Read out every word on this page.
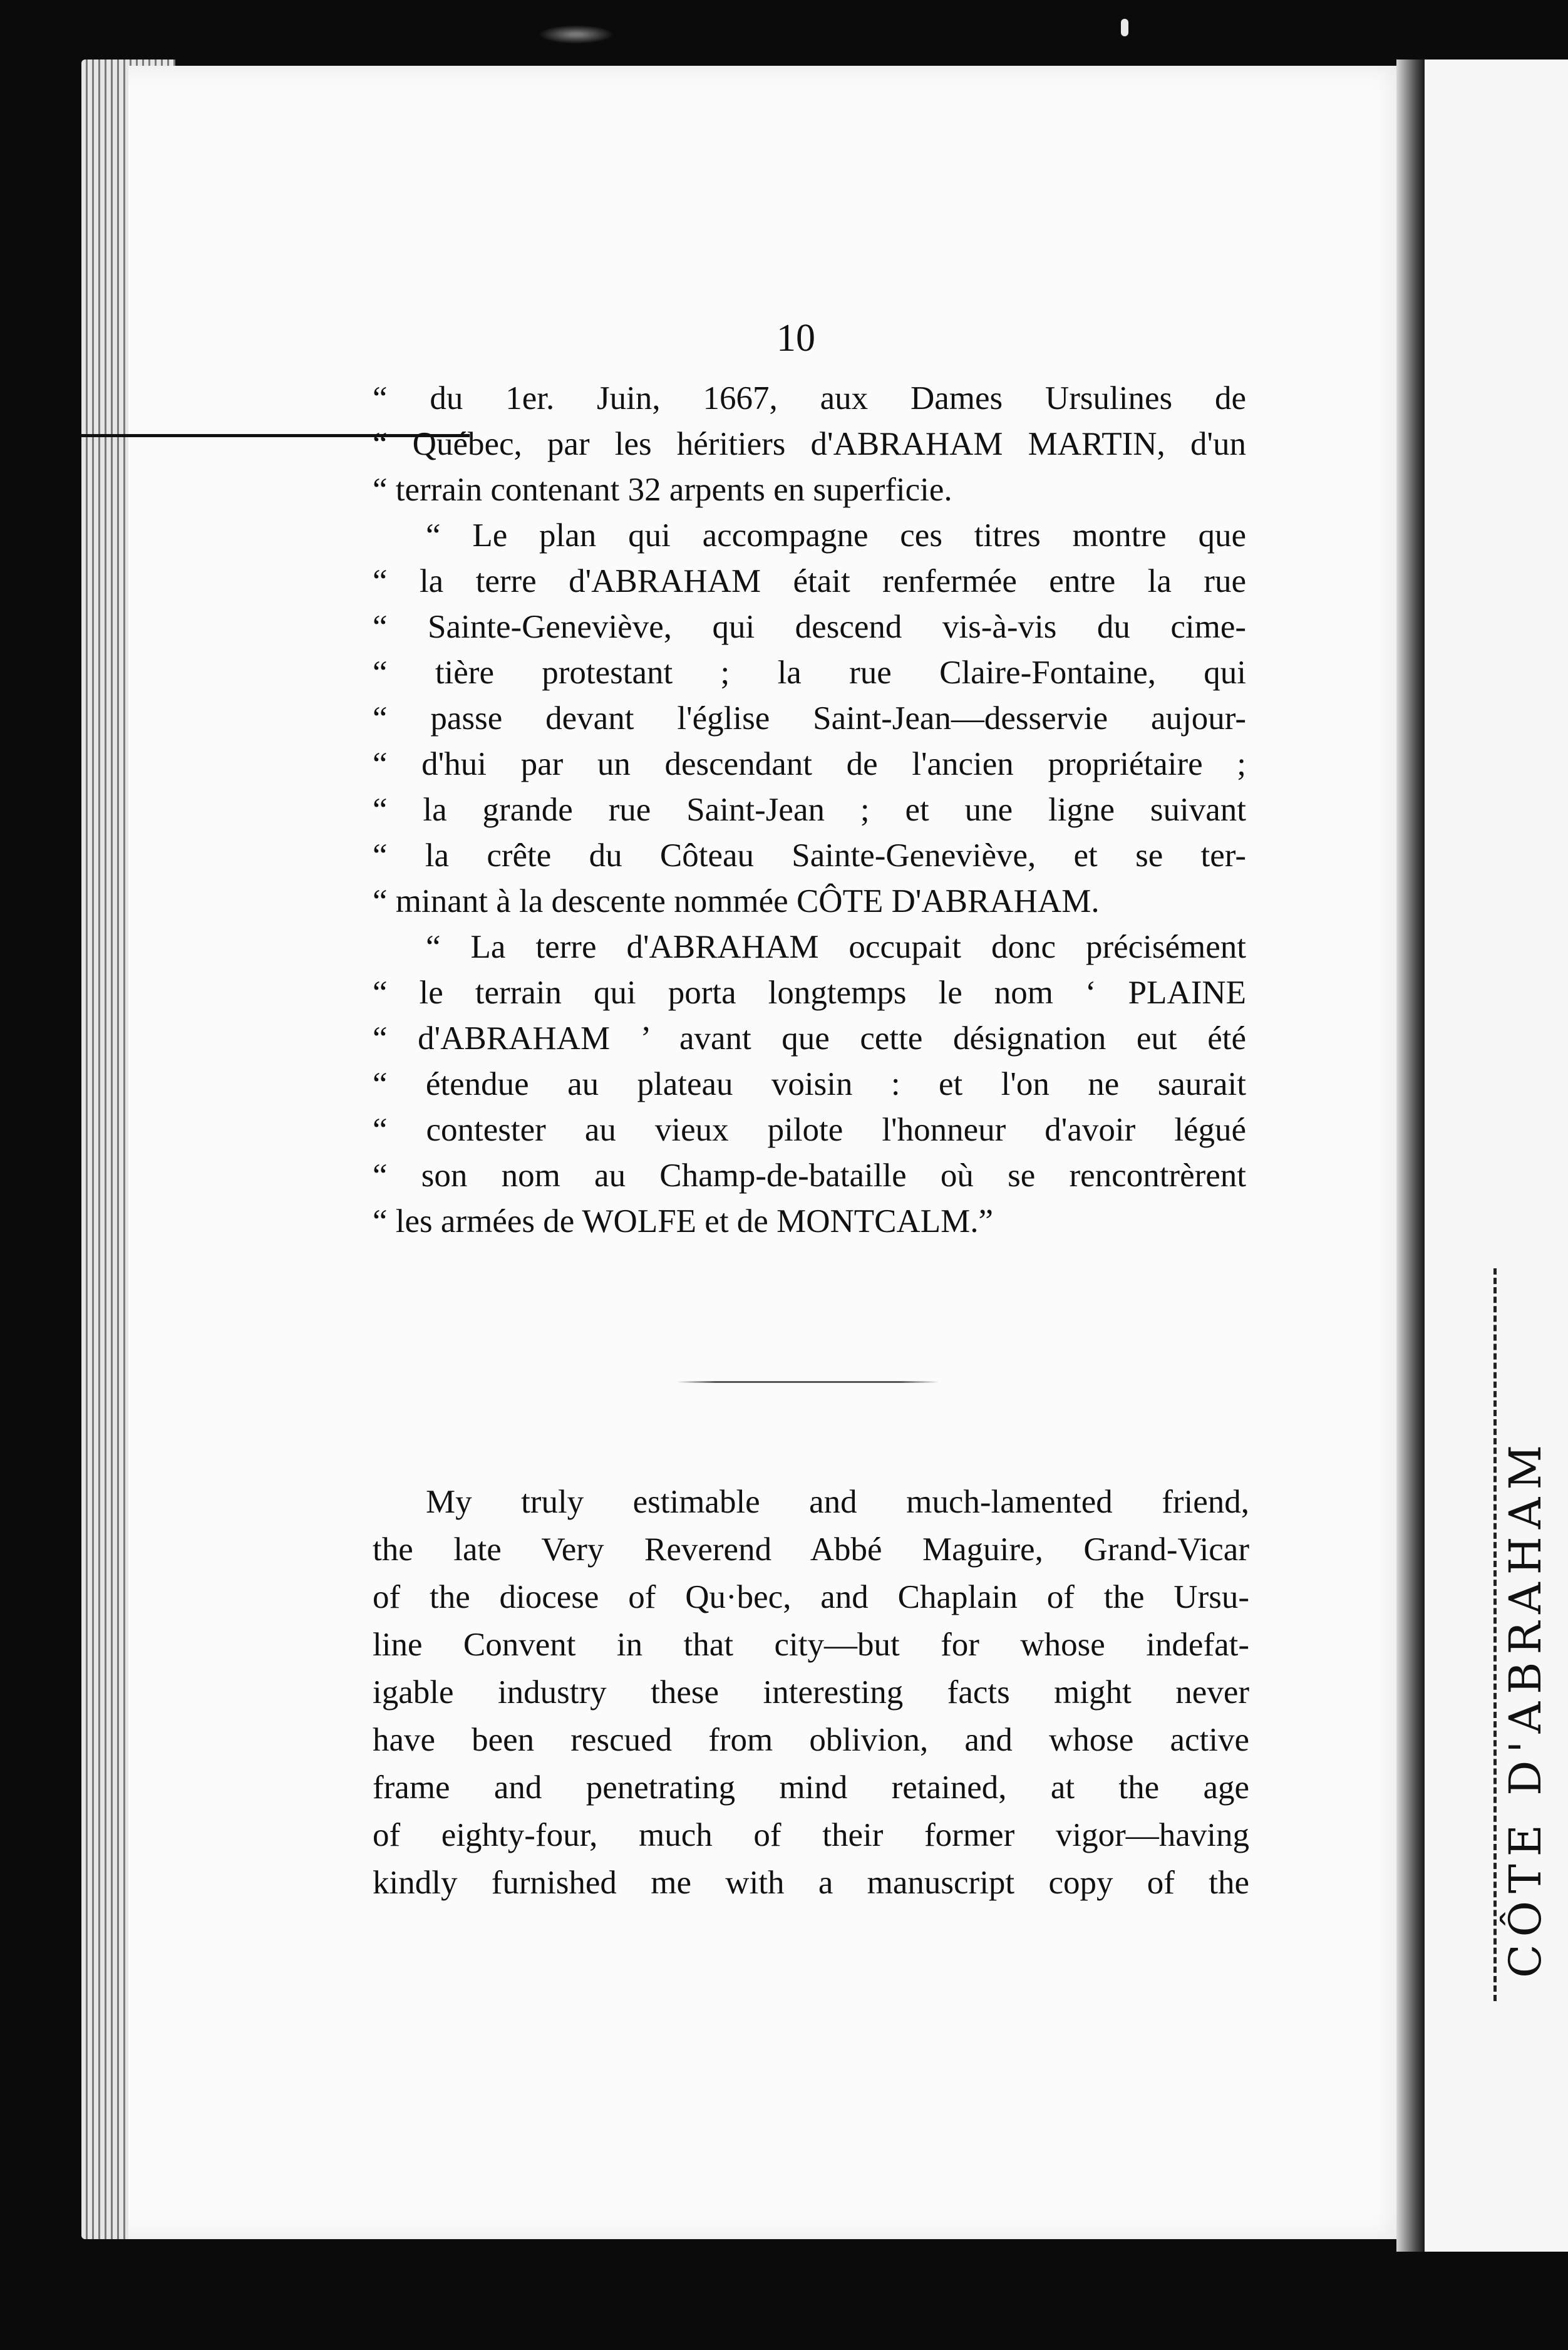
CÔTE D'ABRAHAM
10
“ du 1er. Juin, 1667, aux Dames Ursulines de
“ Québec, par les héritiers d'ABRAHAM MARTIN, d'un
“ terrain contenant 32 arpents en superficie.
“ Le plan qui accompagne ces titres montre que
“ la terre d'ABRAHAM était renfermée entre la rue
“ Sainte-Geneviève, qui descend vis-à-vis du cime-
“ tière protestant ; la rue Claire-Fontaine, qui
“ passe devant l'église Saint-Jean—desservie aujour-
“ d'hui par un descendant de l'ancien propriétaire ;
“ la grande rue Saint-Jean ; et une ligne suivant
“ la crête du Côteau Sainte-Geneviève, et se ter-
“ minant à la descente nommée CÔTE D'ABRAHAM.
“ La terre d'ABRAHAM occupait donc précisément
“ le terrain qui porta longtemps le nom ‘ PLAINE
“ d'ABRAHAM ’ avant que cette désignation eut été
“ étendue au plateau voisin : et l'on ne saurait
“ contester au vieux pilote l'honneur d'avoir légué
“ son nom au Champ-de-bataille où se rencontrèrent
“ les armées de WOLFE et de MONTCALM.”
My truly estimable and much-lamented friend,
the late Very Reverend Abbé Maguire, Grand-Vicar
of the diocese of Qu·bec, and Chaplain of the Ursu-
line Convent in that city—but for whose indefat-
igable industry these interesting facts might never
have been rescued from oblivion, and whose active
frame and penetrating mind retained, at the age
of eighty-four, much of their former vigor—having
kindly furnished me with a manuscript copy of the
